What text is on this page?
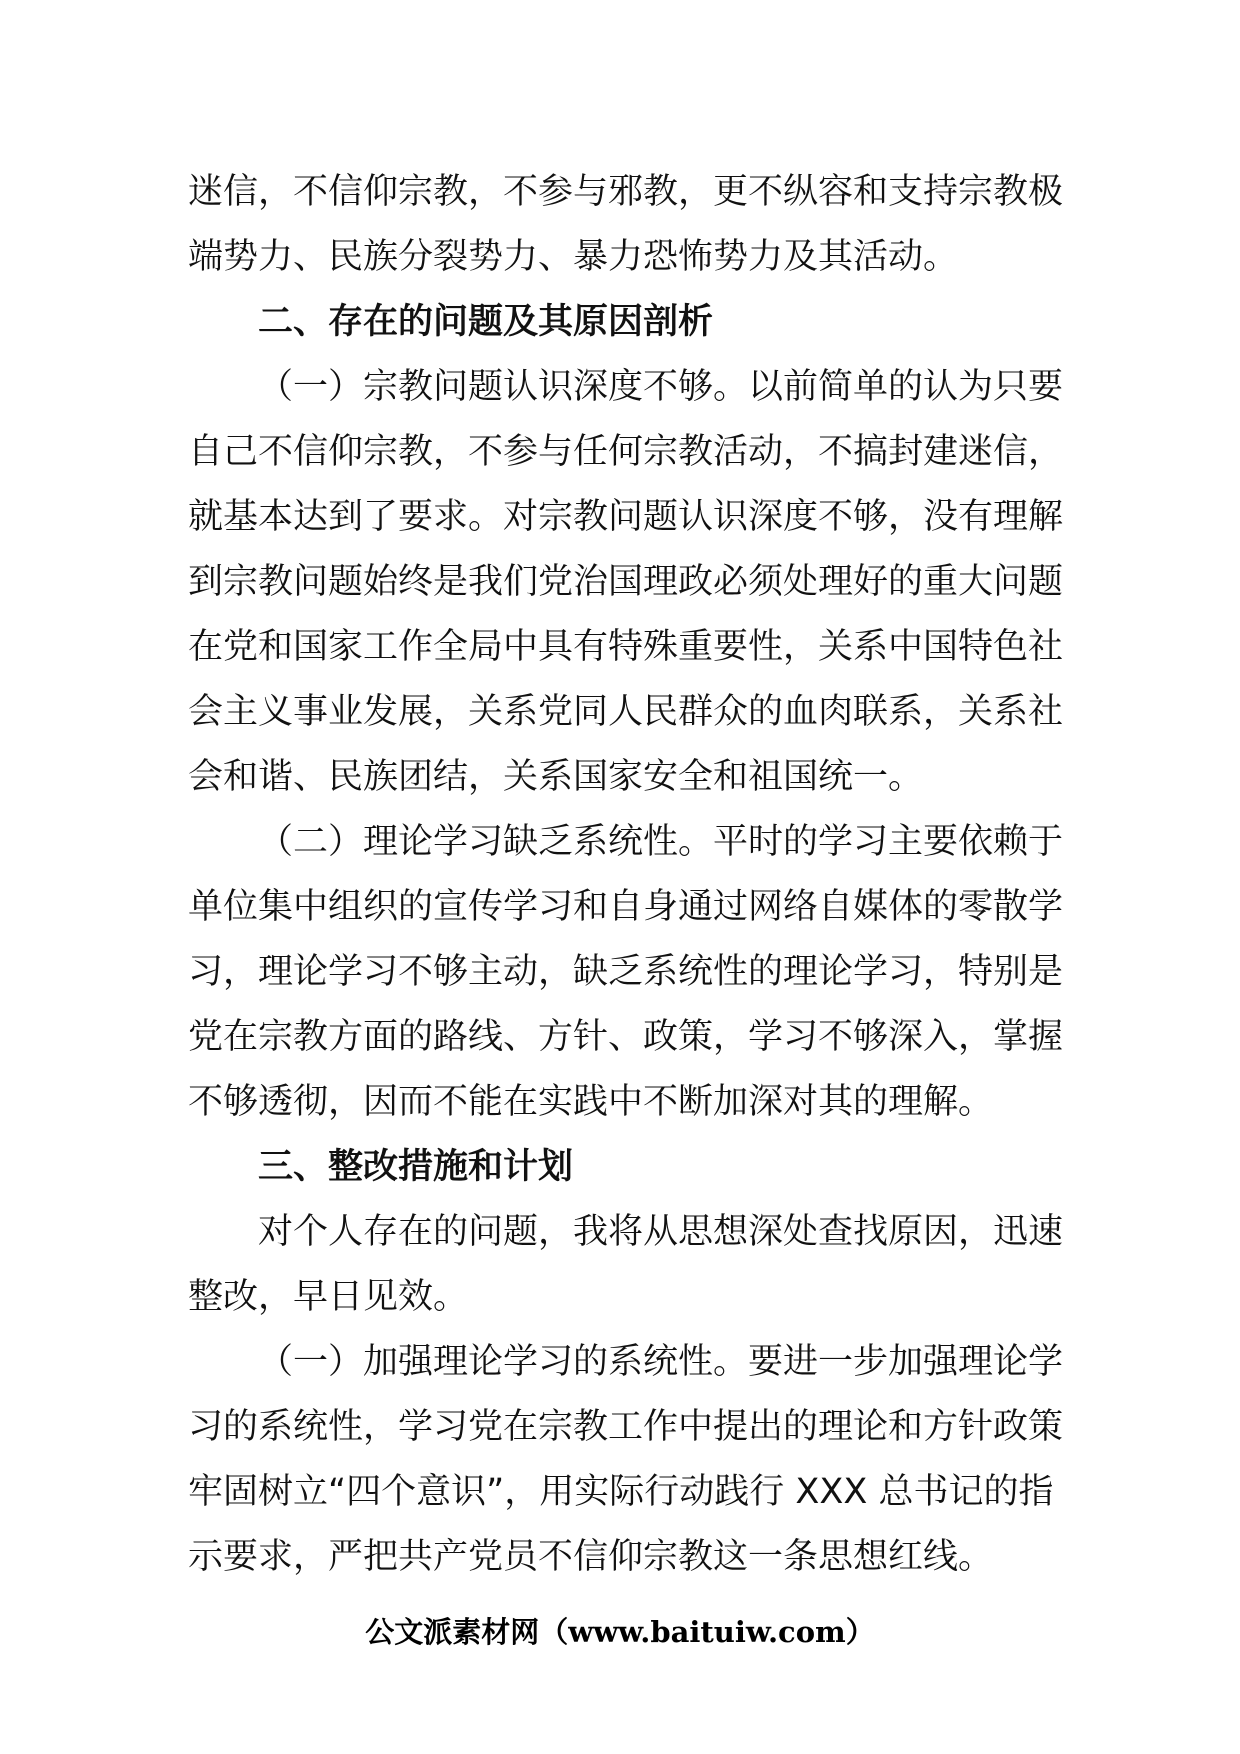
迷信，不信仰宗教，不参与邪教，更不纵容和支持宗教极

端势力、民族分裂势力、暴力恐怖势力及其活动。

二、存在的问题及其原因剖析

（一）宗教问题认识深度不够。以前简单的认为只要

自己不信仰宗教，不参与任何宗教活动，不搞封建迷信，

就基本达到了要求。对宗教问题认识深度不够，没有理解

到宗教问题始终是我们党治国理政必须处理好的重大问题

在党和国家工作全局中具有特殊重要性，关系中国特色社

会主义事业发展，关系党同人民群众的血肉联系，关系社

会和谐、民族团结，关系国家安全和祖国统一。

（二）理论学习缺乏系统性。平时的学习主要依赖于

单位集中组织的宣传学习和自身通过网络自媒体的零散学

习，理论学习不够主动，缺乏系统性的理论学习，特别是

党在宗教方面的路线、方针、政策，学习不够深入，掌握

不够透彻，因而不能在实践中不断加深对其的理解。

三、整改措施和计划

对个人存在的问题，我将从思想深处查找原因，迅速

整改，早日见效。

（一）加强理论学习的系统性。要进一步加强理论学

习的系统性，学习党在宗教工作中提出的理论和方针政策

牢固树立“四个意识”，用实际行动践行 XXX 总书记的指

示要求，严把共产党员不信仰宗教这一条思想红线。

公文派素材网（www.baituiw.com）
